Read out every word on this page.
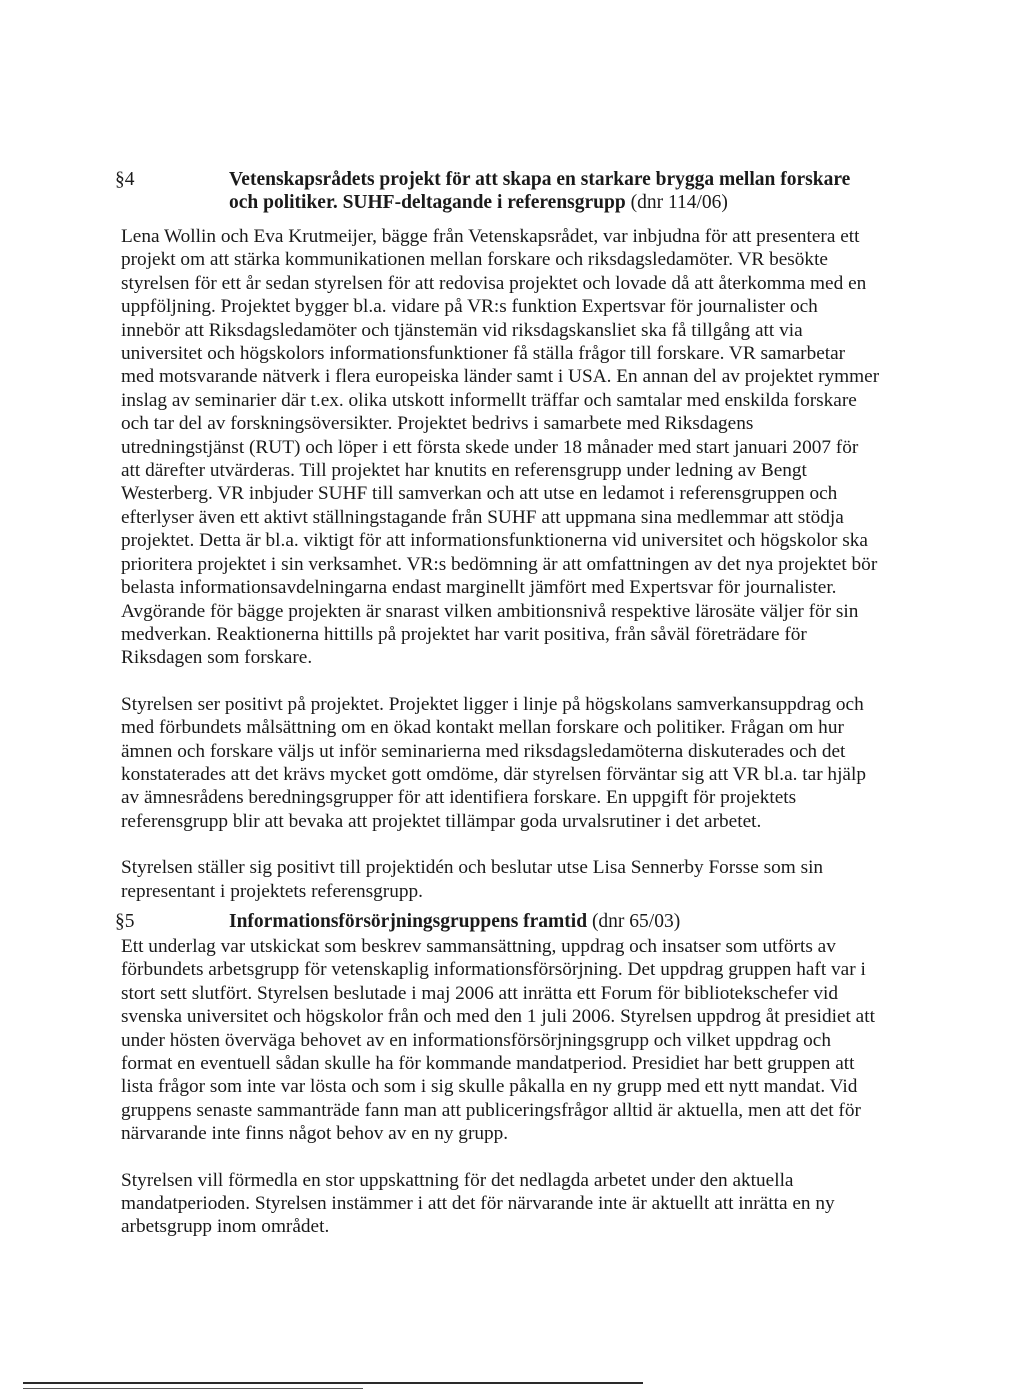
§4	Vetenskapsrådets projekt för att skapa en starkare brygga mellan forskare och politiker. SUHF-deltagande i referensgrupp (dnr 114/06)

Lena Wollin och Eva Krutmeijer, bägge från Vetenskapsrådet, var inbjudna för att presentera ett projekt om att stärka kommunikationen mellan forskare och riksdagsledamöter. VR besökte styrelsen för ett år sedan styrelsen för att redovisa projektet och lovade då att återkomma med en uppföljning. Projektet bygger bl.a. vidare på VR:s funktion Expertsvar för journalister och innebör att Riksdagsledamöter och tjänstemän vid riksdagskansliet ska få tillgång att via universitet och högskolors informationsfunktioner få ställa frågor till forskare. VR samarbetar med motsvarande nätverk i flera europeiska länder samt i USA. En annan del av projektet rymmer inslag av seminarier där t.ex. olika utskott informellt träffar och samtalar med enskilda forskare och tar del av forskningsöversikter. Projektet bedrivs i samarbete med Riksdagens utredningstjänst (RUT) och löper i ett första skede under 18 månader med start januari 2007 för att därefter utvärderas. Till projektet har knutits en referensgrupp under ledning av Bengt Westerberg. VR inbjuder SUHF till samverkan och att utse en ledamot i referensgruppen och efterlyser även ett aktivt ställningstagande från SUHF att uppmana sina medlemmar att stödja projektet. Detta är bl.a. viktigt för att informationsfunktionerna vid universitet och högskolor ska prioritera projektet i sin verksamhet. VR:s bedömning är att omfattningen av det nya projektet bör belasta informationsavdelningarna endast marginellt jämfört med Expertsvar för journalister. Avgörande för bägge projekten är snarast vilken ambitionsnivå respektive lärosäte väljer för sin medverkan. Reaktionerna hittills på projektet har varit positiva, från såväl företrädare för Riksdagen som forskare.

Styrelsen ser positivt på projektet. Projektet ligger i linje på högskolans samverkansuppdrag och med förbundets målsättning om en ökad kontakt mellan forskare och politiker. Frågan om hur ämnen och forskare väljs ut inför seminarierna med riksdagsledamöterna diskuterades och det konstaterades att det krävs mycket gott omdöme, där styrelsen förväntar sig att VR bl.a. tar hjälp av ämnesrådens beredningsgrupper för att identifiera forskare. En uppgift för projektets referensgrupp blir att bevaka att projektet tillämpar goda urvalsrutiner i det arbetet.

Styrelsen ställer sig positivt till projektidén och beslutar utse Lisa Sennerby Forsse som sin representant i projektets referensgrupp.

§5	Informationsförsörjningsgruppens framtid (dnr 65/03)

Ett underlag var utskickat som beskrev sammansättning, uppdrag och insatser som utförts av förbundets arbetsgrupp för vetenskaplig informationsförsörjning. Det uppdrag gruppen haft var i stort sett slutfört. Styrelsen beslutade i maj 2006 att inrätta ett Forum för bibliotekschefer vid svenska universitet och högskolor från och med den 1 juli 2006. Styrelsen uppdrog åt presidiet att under hösten överväga behovet av en informationsförsörjningsgrupp och vilket uppdrag och format en eventuell sådan skulle ha för kommande mandatperiod. Presidiet har bett gruppen att lista frågor som inte var lösta och som i sig skulle påkalla en ny grupp med ett nytt mandat. Vid gruppens senaste sammanträde fann man att publiceringsfrågor alltid är aktuella, men att det för närvarande inte finns något behov av en ny grupp.

Styrelsen vill förmedla en stor uppskattning för det nedlagda arbetet under den aktuella mandatperioden. Styrelsen instämmer i att det för närvarande inte är aktuellt att inrätta en ny arbetsgrupp inom området.
